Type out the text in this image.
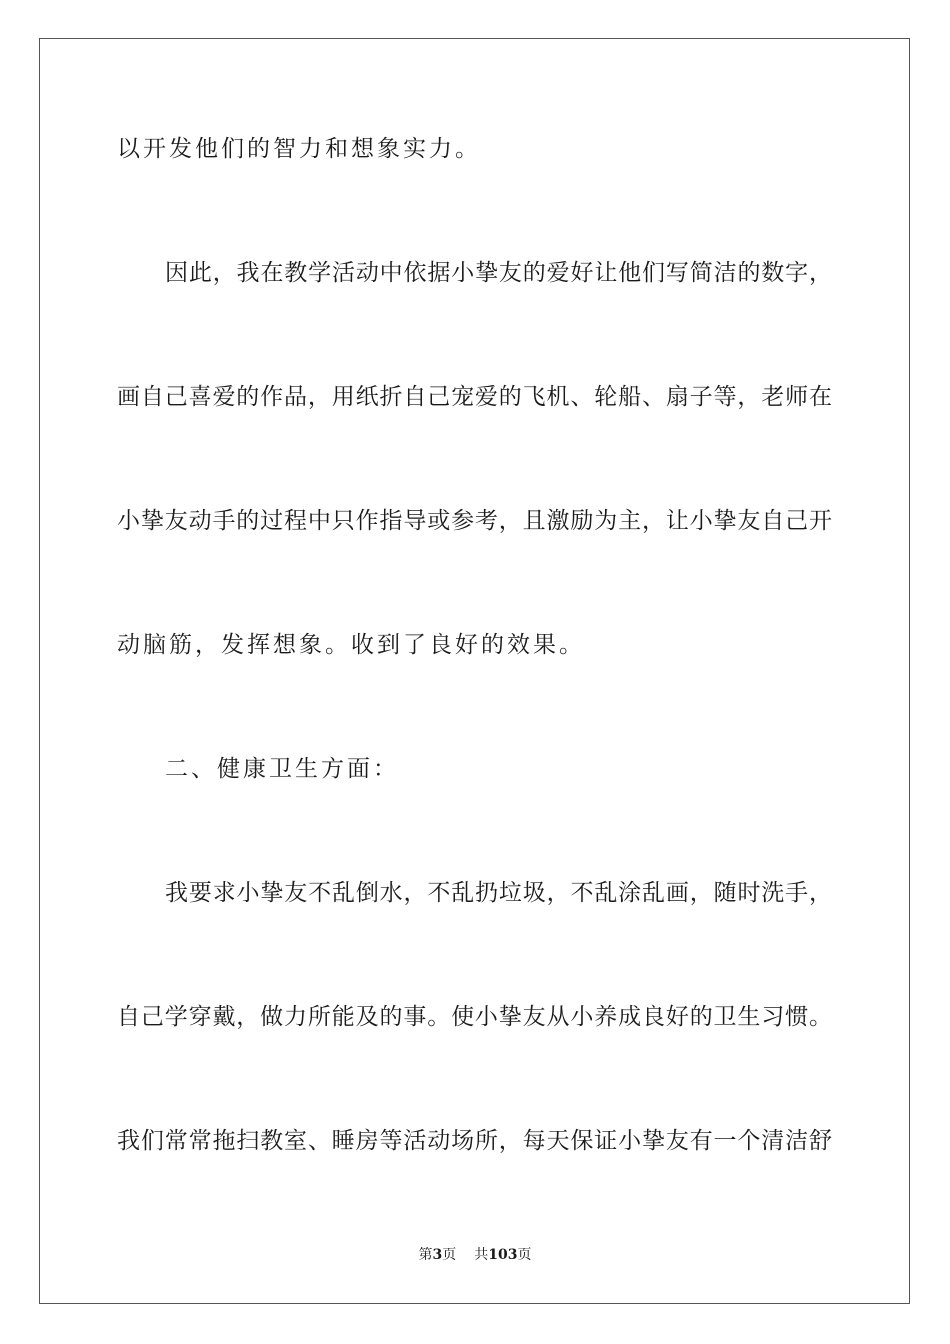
以开发他们的智力和想象实力。

因此，我在教学活动中依据小挚友的爱好让他们写简洁的数字，

画自己喜爱的作品，用纸折自己宠爱的飞机、轮船、扇子等，老师在

小挚友动手的过程中只作指导或参考，且激励为主，让小挚友自己开

动脑筋，发挥想象。收到了良好的效果。

二、健康卫生方面：

我要求小挚友不乱倒水，不乱扔垃圾，不乱涂乱画，随时洗手，

自己学穿戴，做力所能及的事。使小挚友从小养成良好的卫生习惯。

我们常常拖扫教室、睡房等活动场所，每天保证小挚友有一个清洁舒

第3页 共103页
